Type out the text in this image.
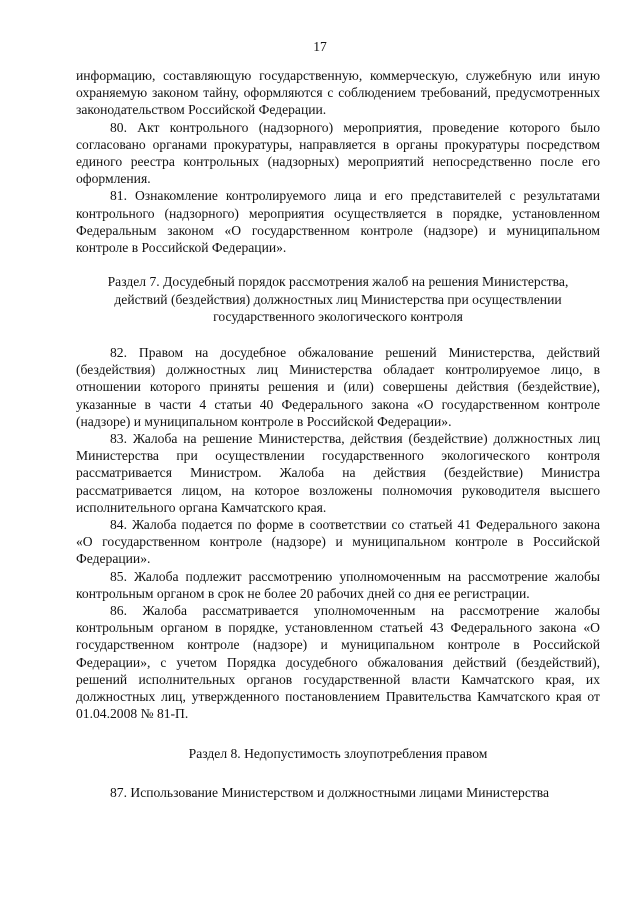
17

информацию, составляющую государственную, коммерческую, служебную или иную охраняемую законом тайну, оформляются с соблюдением требований, предусмотренных законодательством Российской Федерации.

80. Акт контрольного (надзорного) мероприятия, проведение которого было согласовано органами прокуратуры, направляется в органы прокуратуры посредством единого реестра контрольных (надзорных) мероприятий непосредственно после его оформления.

81. Ознакомление контролируемого лица и его представителей с результатами контрольного (надзорного) мероприятия осуществляется в порядке, установленном Федеральным законом «О государственном контроле (надзоре) и муниципальном контроле в Российской Федерации».

Раздел 7. Досудебный порядок рассмотрения жалоб на решения Министерства,
действий (бездействия) должностных лиц Министерства при осуществлении
государственного экологического контроля

82. Правом на досудебное обжалование решений Министерства, действий (бездействия) должностных лиц Министерства обладает контролируемое лицо, в отношении которого приняты решения и (или) совершены действия (бездействие), указанные в части 4 статьи 40 Федерального закона «О государственном контроле (надзоре) и муниципальном контроле в Российской Федерации».

83. Жалоба на решение Министерства, действия (бездействие) должностных лиц Министерства при осуществлении государственного экологического контроля рассматривается Министром. Жалоба на действия (бездействие) Министра рассматривается лицом, на которое возложены полномочия руководителя высшего исполнительного органа Камчатского края.

84. Жалоба подается по форме в соответствии со статьей 41 Федерального закона «О государственном контроле (надзоре) и муниципальном контроле в Российской Федерации».

85. Жалоба подлежит рассмотрению уполномоченным на рассмотрение жалобы контрольным органом в срок не более 20 рабочих дней со дня ее регистрации.

86. Жалоба рассматривается уполномоченным на рассмотрение жалобы контрольным органом в порядке, установленном статьей 43 Федерального закона «О государственном контроле (надзоре) и муниципальном контроле в Российской Федерации», с учетом Порядка досудебного обжалования действий (бездействий), решений исполнительных органов государственной власти Камчатского края, их должностных лиц, утвержденного постановлением Правительства Камчатского края от 01.04.2008 № 81-П.

Раздел 8. Недопустимость злоупотребления правом

87. Использование Министерством и должностными лицами Министерства
